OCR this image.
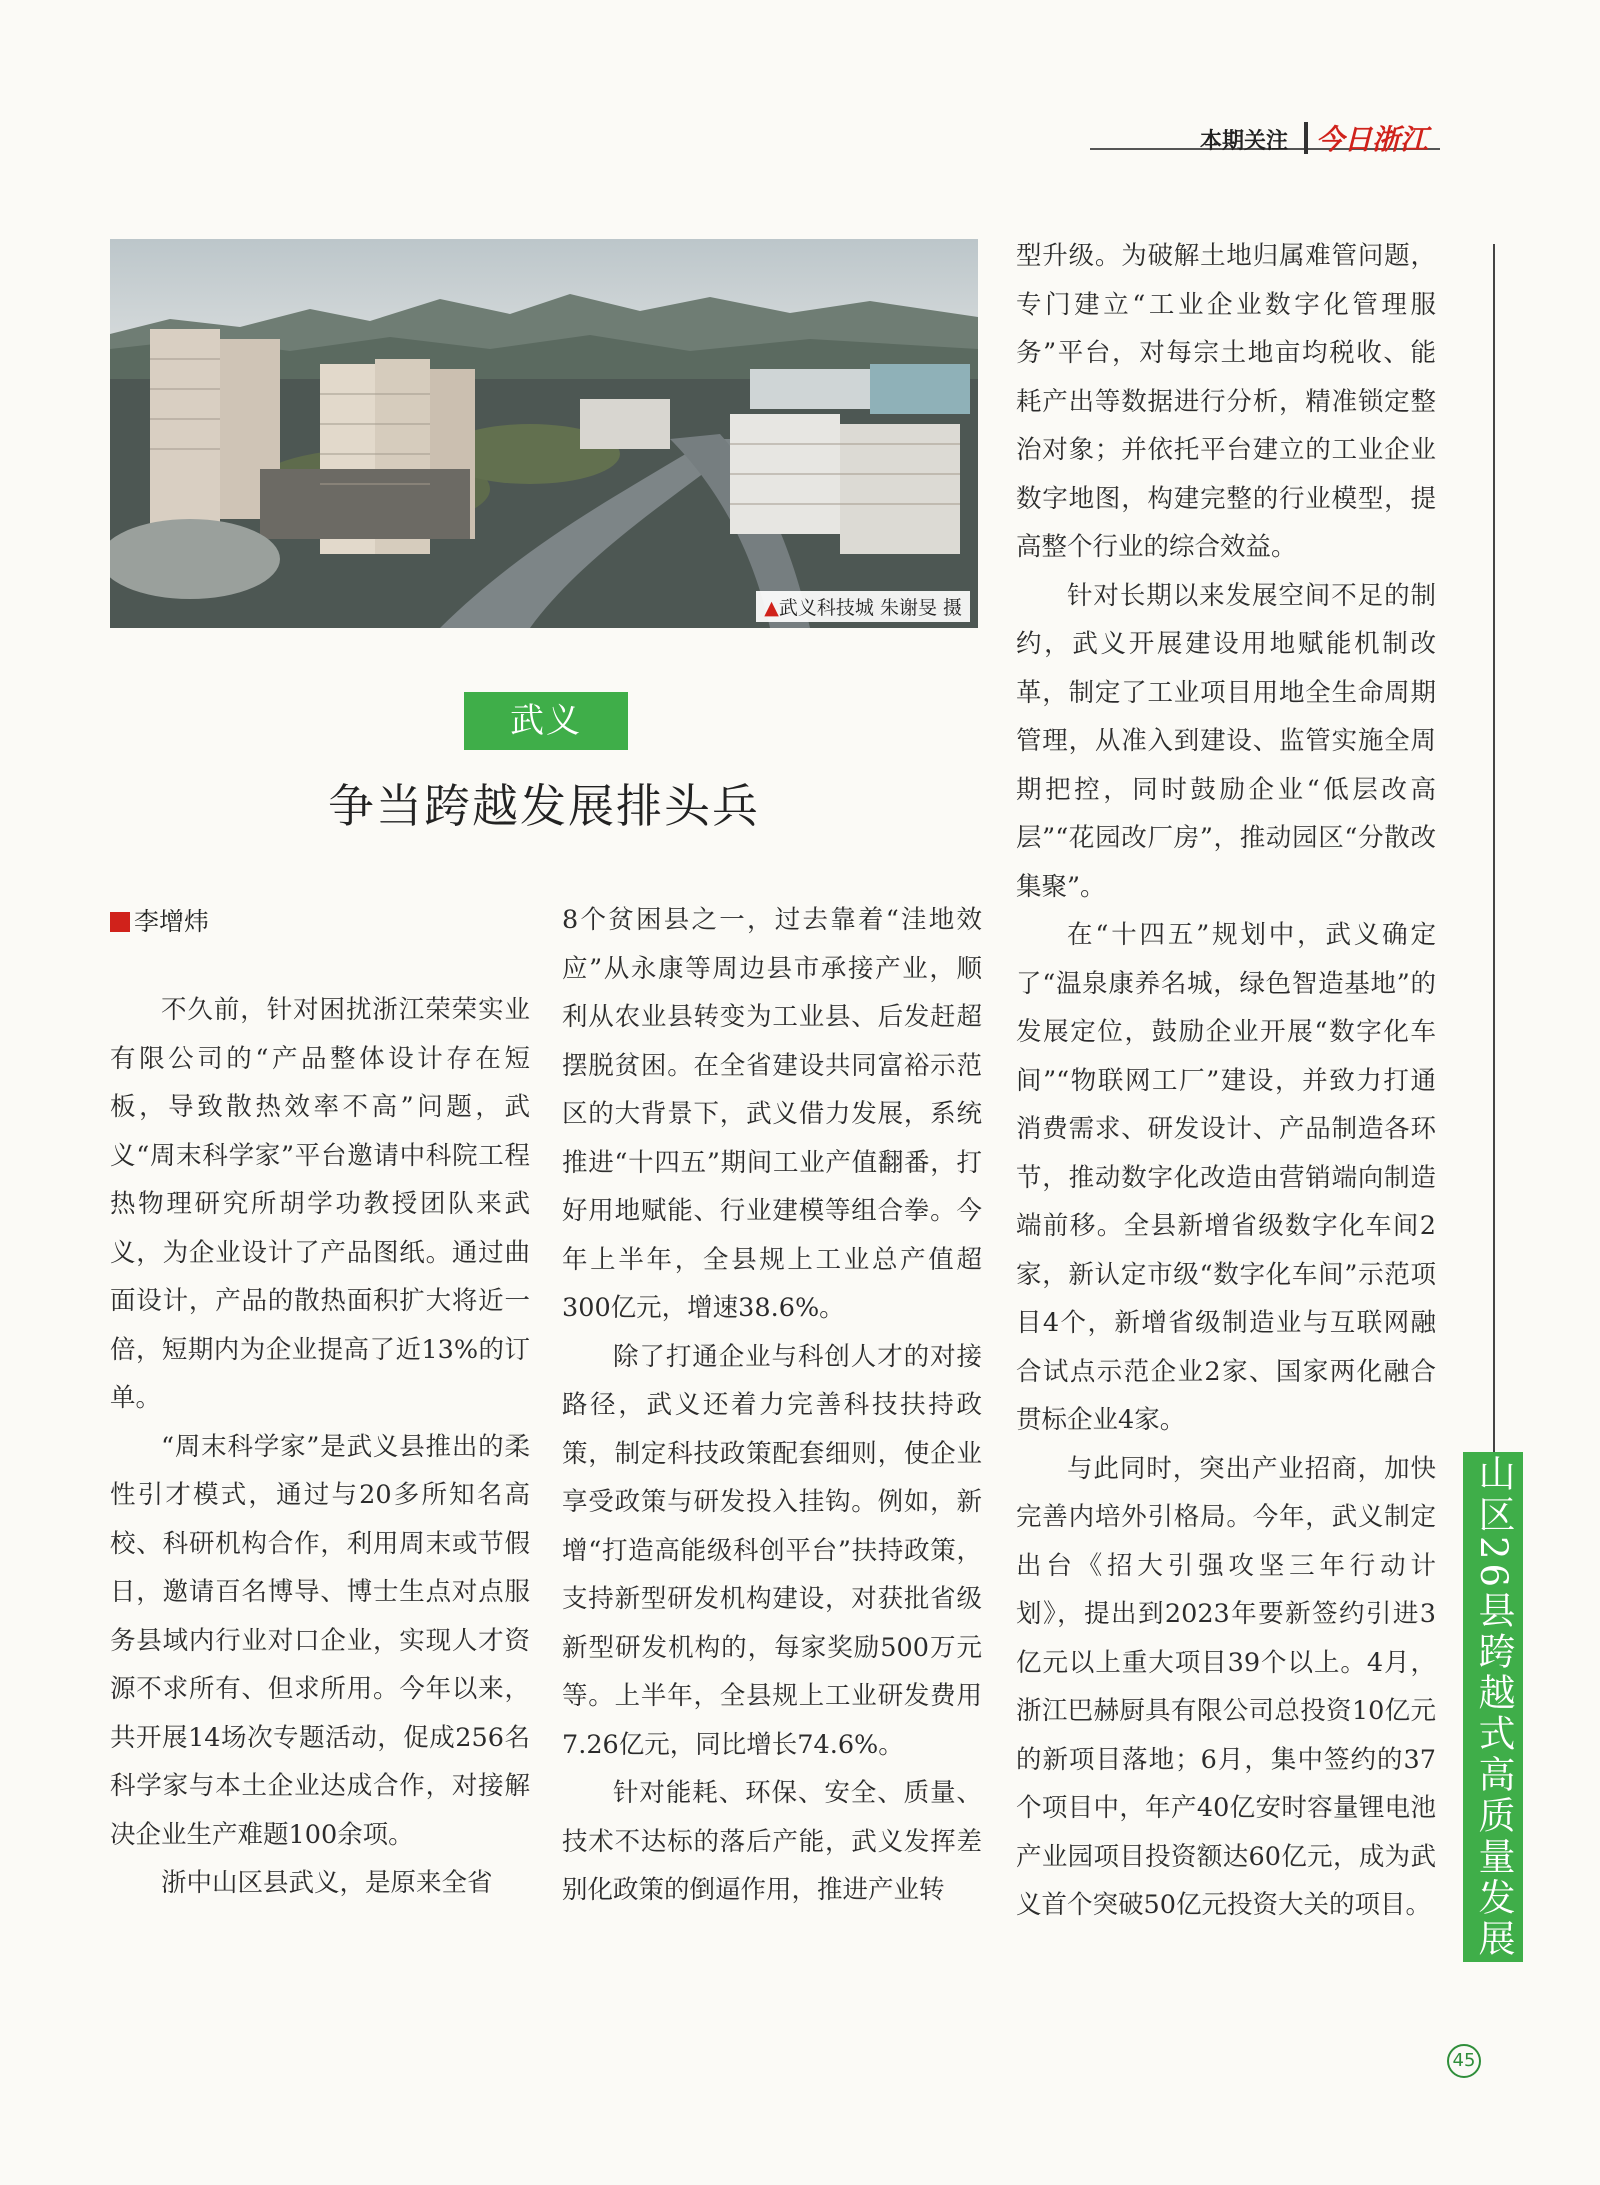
本期关注 今日浙江
▲武义科技城 朱谢旻 摄
武义
争当跨越发展排头兵
李增炜

不久前，针对困扰浙江荣荣实业有限公司的“产品整体设计存在短板，导致散热效率不高”问题，武义“周末科学家”平台邀请中科院工程热物理研究所胡学功教授团队来武义，为企业设计了产品图纸。通过曲面设计，产品的散热面积扩大将近一倍，短期内为企业提高了近13%的订单。

“周末科学家”是武义县推出的柔性引才模式，通过与20多所知名高校、科研机构合作，利用周末或节假日，邀请百名博导、博士生点对点服务县域内行业对口企业，实现人才资源不求所有、但求所用。今年以来，共开展14场次专题活动，促成256名科学家与本土企业达成合作，对接解决企业生产难题100余项。

浙中山区县武义，是原来全省

8个贫困县之一，过去靠着“洼地效应”从永康等周边县市承接产业，顺利从农业县转变为工业县、后发赶超摆脱贫困。在全省建设共同富裕示范区的大背景下，武义借力发展，系统推进“十四五”期间工业产值翻番，打好用地赋能、行业建模等组合拳。今年上半年，全县规上工业总产值超300亿元，增速38.6%。

除了打通企业与科创人才的对接路径，武义还着力完善科技扶持政策，制定科技政策配套细则，使企业享受政策与研发投入挂钩。例如，新增“打造高能级科创平台”扶持政策，支持新型研发机构建设，对获批省级新型研发机构的，每家奖励500万元等。上半年，全县规上工业研发费用7.26亿元，同比增长74.6%。

针对能耗、环保、安全、质量、技术不达标的落后产能，武义发挥差别化政策的倒逼作用，推进产业转

型升级。为破解土地归属难管问题，专门建立“工业企业数字化管理服务”平台，对每宗土地亩均税收、能耗产出等数据进行分析，精准锁定整治对象；并依托平台建立的工业企业数字地图，构建完整的行业模型，提高整个行业的综合效益。

针对长期以来发展空间不足的制约，武义开展建设用地赋能机制改革，制定了工业项目用地全生命周期管理，从准入到建设、监管实施全周期把控，同时鼓励企业“低层改高层”“花园改厂房”，推动园区“分散改集聚”。

在“十四五”规划中，武义确定了“温泉康养名城，绿色智造基地”的发展定位，鼓励企业开展“数字化车间”“物联网工厂”建设，并致力打通消费需求、研发设计、产品制造各环节，推动数字化改造由营销端向制造端前移。全县新增省级数字化车间2家，新认定市级“数字化车间”示范项目4个，新增省级制造业与互联网融合试点示范企业2家、国家两化融合贯标企业4家。

与此同时，突出产业招商，加快完善内培外引格局。今年，武义制定出台《招大引强攻坚三年行动计划》，提出到2023年要新签约引进3亿元以上重大项目39个以上。4月，浙江巴赫厨具有限公司总投资10亿元的新项目落地；6月，集中签约的37个项目中，年产40亿安时容量锂电池产业园项目投资额达60亿元，成为武义首个突破50亿元投资大关的项目。 山区26县跨越式高质量发展
45
